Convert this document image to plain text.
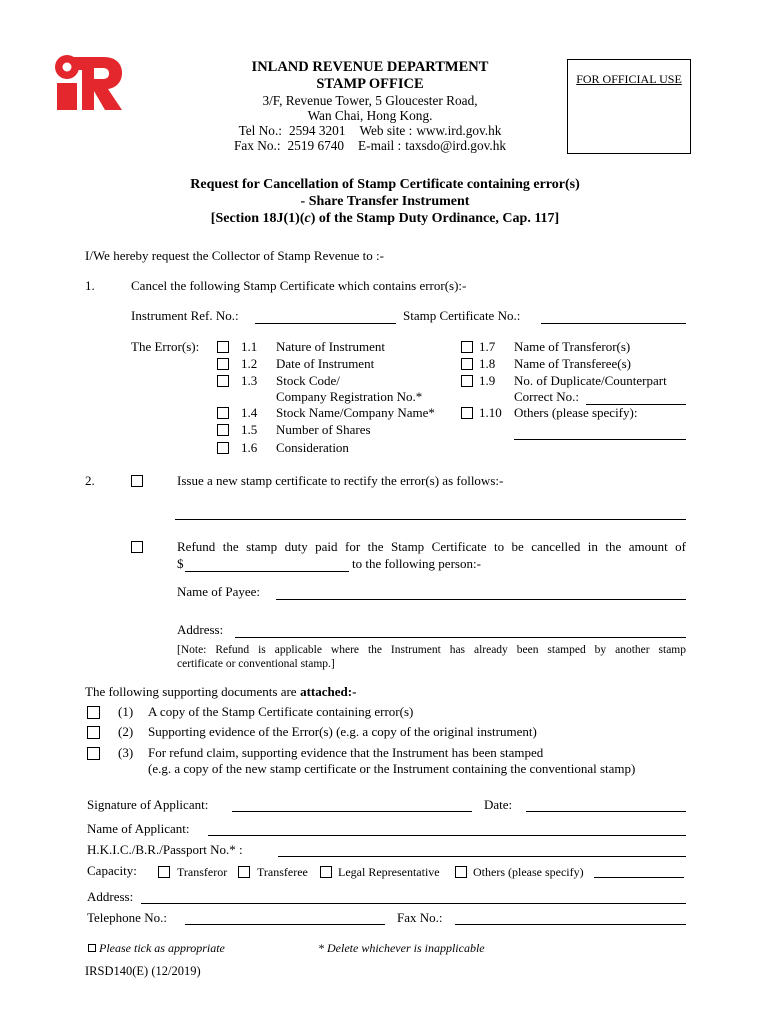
INLAND REVENUE DEPARTMENT
STAMP OFFICE
3/F, Revenue Tower, 5 Gloucester Road,
Wan Chai, Hong Kong.
Tel No.: 2594 3201 Web site : www.ird.gov.hk
Fax No.: 2519 6740 E-mail : taxsdo@ird.gov.hk
FOR OFFICIAL USE
Request for Cancellation of Stamp Certificate containing error(s)
- Share Transfer Instrument
[Section 18J(1)(c) of the Stamp Duty Ordinance, Cap. 117]
I/We hereby request the Collector of Stamp Revenue to :-
1.	Cancel the following Stamp Certificate which contains error(s):-
Instrument Ref. No.:	Stamp Certificate No.:
The Error(s):	1.1 Nature of Instrument
1.2 Date of Instrument
1.3 Stock Code/
Company Registration No.*
1.4 Stock Name/Company Name*
1.5 Number of Shares
1.6 Consideration
1.7 Name of Transferor(s)
1.8 Name of Transferee(s)
1.9 No. of Duplicate/Counterpart
Correct No.:
1.10 Others (please specify):
2.	Issue a new stamp certificate to rectify the error(s) as follows:-
Refund the stamp duty paid for the Stamp Certificate to be cancelled in the amount of
$	to the following person:-
Name of Payee:
Address:
[Note: Refund is applicable where the Instrument has already been stamped by another stamp
certificate or conventional stamp.]
The following supporting documents are attached:-
(1) A copy of the Stamp Certificate containing error(s)
(2) Supporting evidence of the Error(s) (e.g. a copy of the original instrument)
(3) For refund claim, supporting evidence that the Instrument has been stamped
(e.g. a copy of the new stamp certificate or the Instrument containing the conventional stamp)
Signature of Applicant:	Date:
Name of Applicant:
H.K.I.C./B.R./Passport No.* :
Capacity:	Transferor Transferee	Legal Representative	Others (please specify)
Address:
Telephone No.:	Fax No.:
Please tick as appropriate	* Delete whichever is inapplicable
IRSD140(E) (12/2019)
